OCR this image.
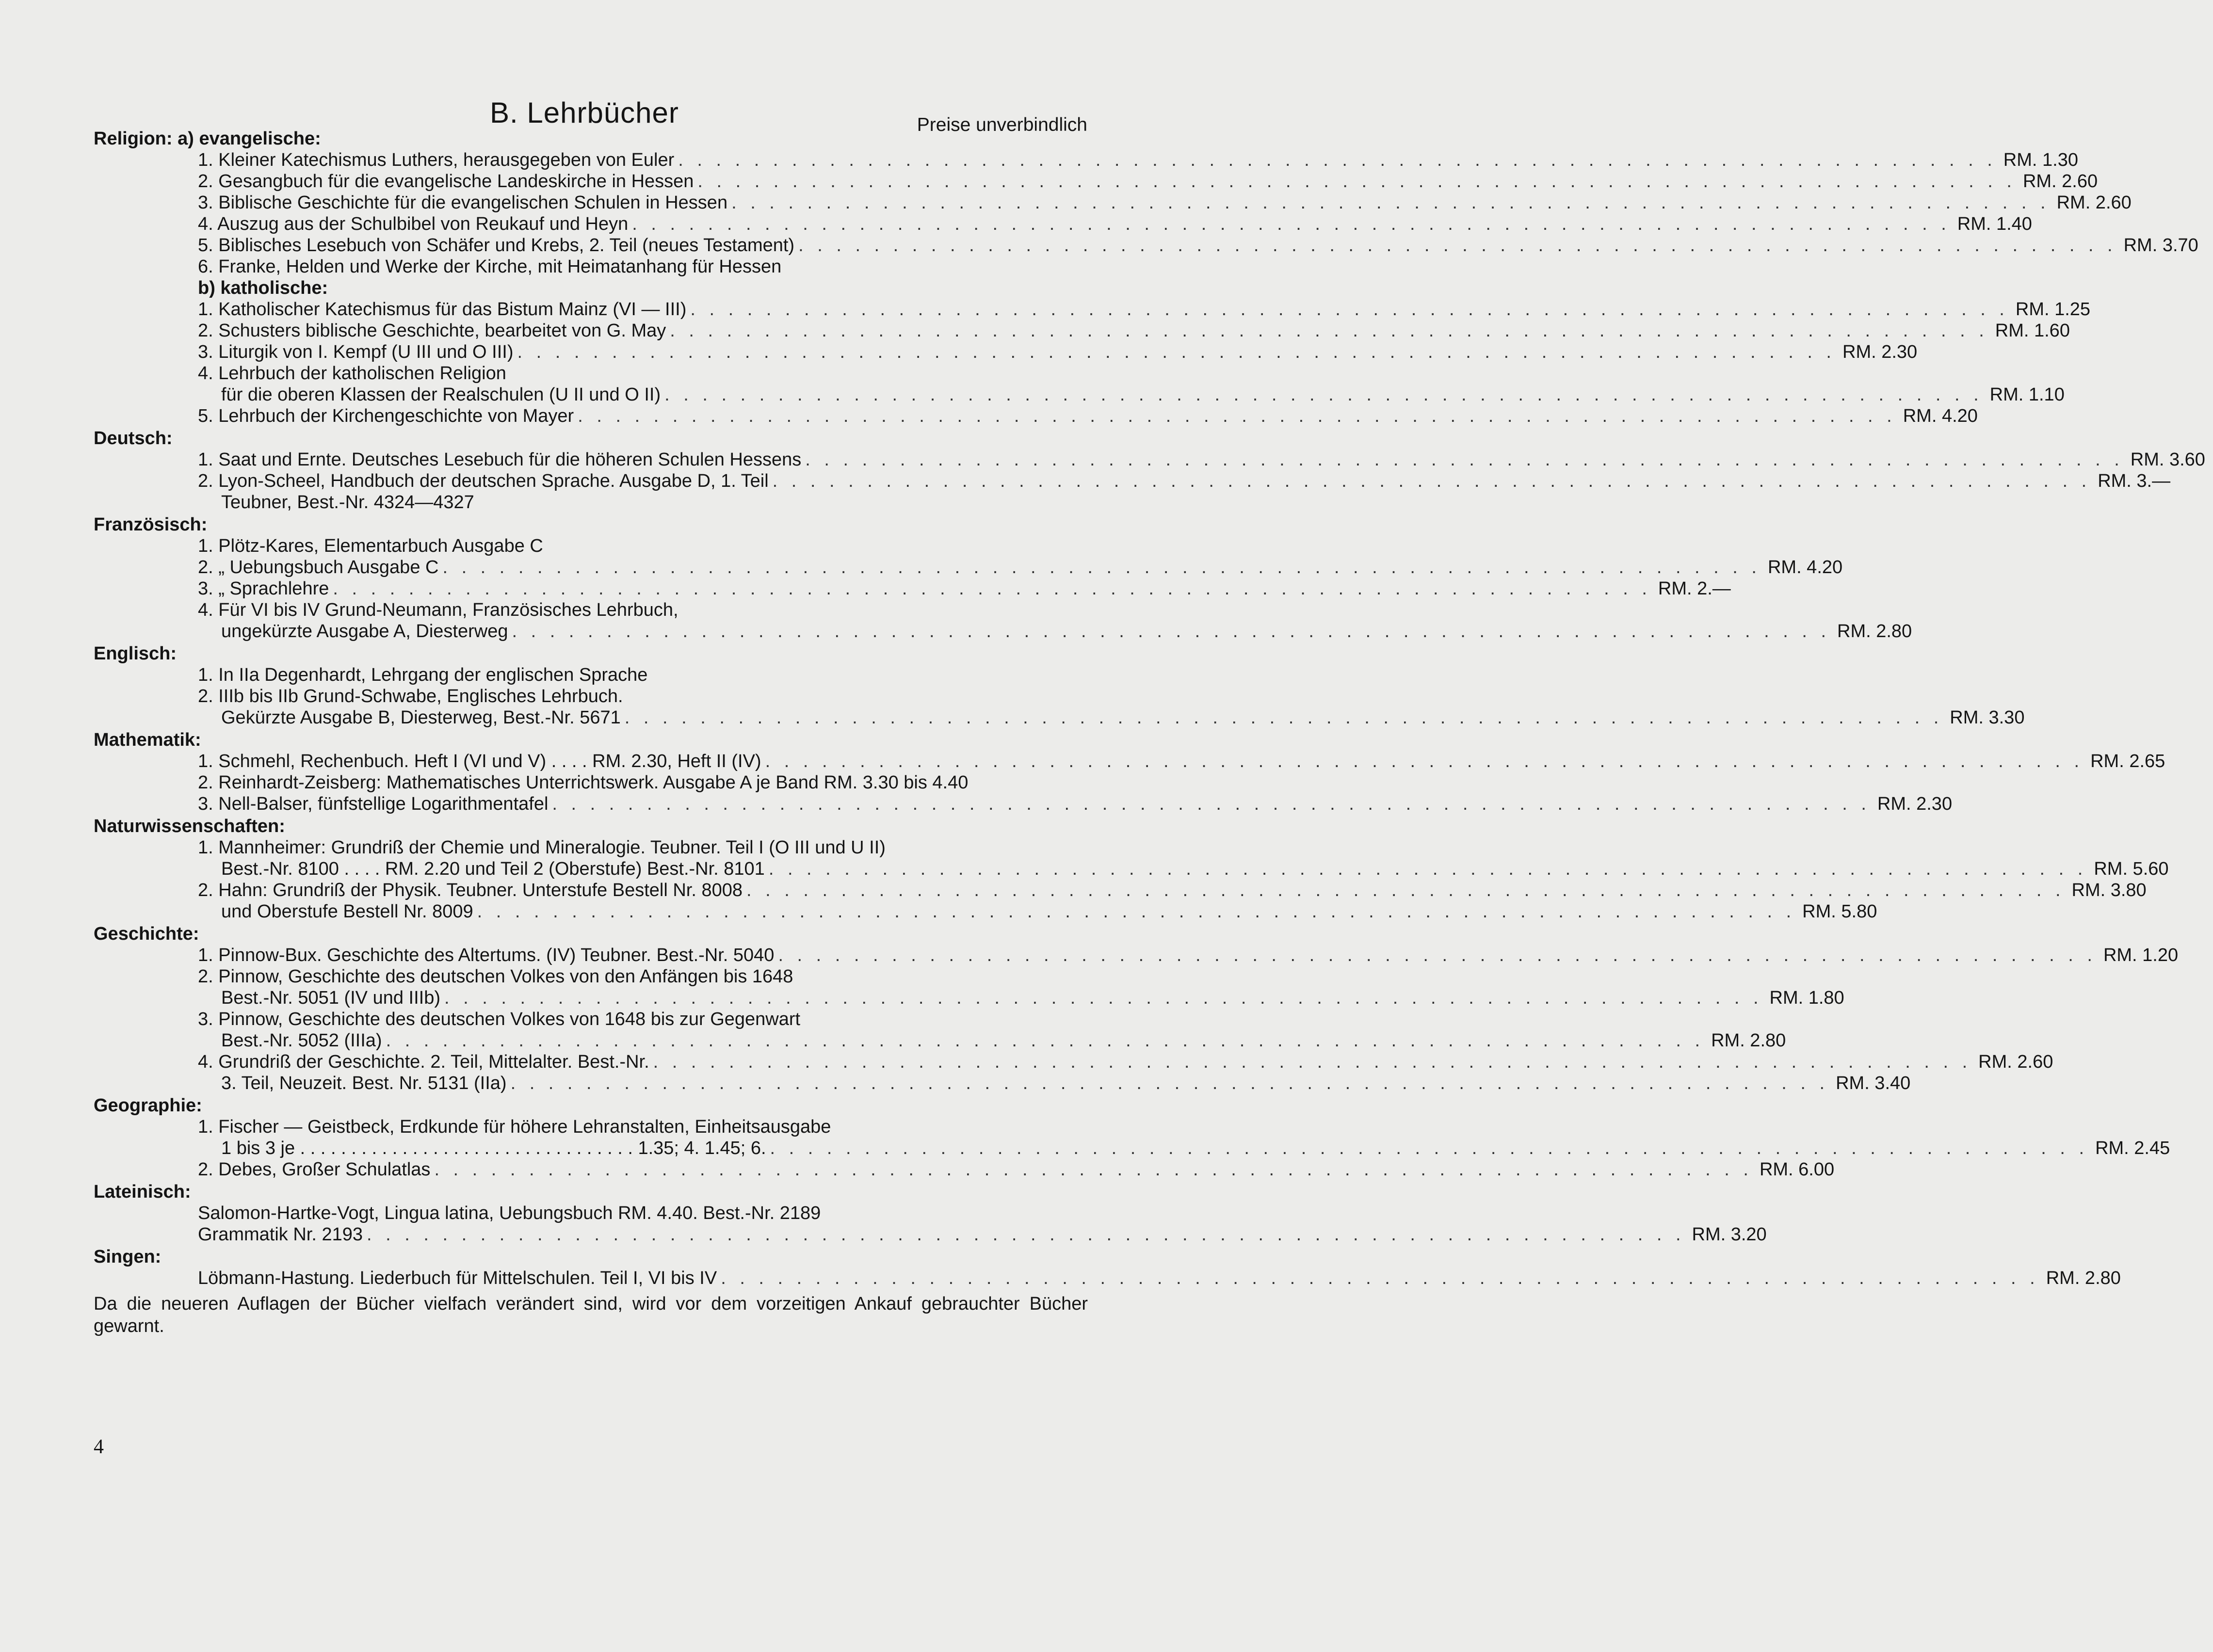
B. Lehrbücher	Preise unverbindlich
Religion: a) evangelische:
1. Kleiner Katechismus Luthers, herausgegeben von Euler . . . . . . . . . . . . . . . . . . . . . . . . . . . . . . . . . . . . . . . . . . . . . . . . . . . . . . . . . . . . . . . . . . . . . . RM. 1.30
2. Gesangbuch für die evangelische Landeskirche in Hessen . . . . . . . . . . . . . . . . . . . . . . . . . . . . . . . . . . . . . . . . . . . . . . . . . . . . . . . . . . . . . . . . . . . . . . RM. 2.60
3. Biblische Geschichte für die evangelischen Schulen in Hessen . . . . . . . . . . . . . . . . . . . . . . . . . . . . . . . . . . . . . . . . . . . . . . . . . . . . . . . . . . . . . . . . . . . . . . RM. 2.60
4. Auszug aus der Schulbibel von Reukauf und Heyn . . . . . . . . . . . . . . . . . . . . . . . . . . . . . . . . . . . . . . . . . . . . . . . . . . . . . . . . . . . . . . . . . . . . . . RM. 1.40
5. Biblisches Lesebuch von Schäfer und Krebs, 2. Teil (neues Testament) . . . . . . . . . . . . . . . . . . . . . . . . . . . . . . . . . . . . . . . . . . . . . . . . . . . . . . . . . . . . . . . . . . . . . . RM. 3.70
6. Franke, Helden und Werke der Kirche, mit Heimatanhang für Hessen
b) katholische:
1. Katholischer Katechismus für das Bistum Mainz (VI — III) . . . . . . . . . . . . . . . . . . . . . . . . . . . . . . . . . . . . . . . . . . . . . . . . . . . . . . . . . . . . . . . . . . . . . . RM. 1.25
2. Schusters biblische Geschichte, bearbeitet von G. May . . . . . . . . . . . . . . . . . . . . . . . . . . . . . . . . . . . . . . . . . . . . . . . . . . . . . . . . . . . . . . . . . . . . . . RM. 1.60
3. Liturgik von I. Kempf (U III und O III) . . . . . . . . . . . . . . . . . . . . . . . . . . . . . . . . . . . . . . . . . . . . . . . . . . . . . . . . . . . . . . . . . . . . . . RM. 2.30
4. Lehrbuch der katholischen Religion
für die oberen Klassen der Realschulen (U II und O II) . . . . . . . . . . . . . . . . . . . . . . . . . . . . . . . . . . . . . . . . . . . . . . . . . . . . . . . . . . . . . . . . . . . . . . RM. 1.10
5. Lehrbuch der Kirchengeschichte von Mayer . . . . . . . . . . . . . . . . . . . . . . . . . . . . . . . . . . . . . . . . . . . . . . . . . . . . . . . . . . . . . . . . . . . . . . RM. 4.20
Deutsch:
1. Saat und Ernte. Deutsches Lesebuch für die höheren Schulen Hessens . . . . . . . . . . . . . . . . . . . . . . . . . . . . . . . . . . . . . . . . . . . . . . . . . . . . . . . . . . . . . . . . . . . . . . RM. 3.60
2. Lyon-Scheel, Handbuch der deutschen Sprache. Ausgabe D, 1. Teil . . . . . . . . . . . . . . . . . . . . . . . . . . . . . . . . . . . . . . . . . . . . . . . . . . . . . . . . . . . . . . . . . . . . . . RM. 3.—
Teubner, Best.-Nr. 4324—4327
Französisch:
1. Plötz-Kares, Elementarbuch Ausgabe C
2. „ Uebungsbuch Ausgabe C . . . . . . . . . . . . . . . . . . . . . . . . . . . . . . . . . . . . . . . . . . . . . . . . . . . . . . . . . . . . . . . . . . . . . . RM. 4.20
3. „ Sprachlehre . . . . . . . . . . . . . . . . . . . . . . . . . . . . . . . . . . . . . . . . . . . . . . . . . . . . . . . . . . . . . . . . . . . . . . RM. 2.—
4. Für VI bis IV Grund-Neumann, Französisches Lehrbuch,
ungekürzte Ausgabe A, Diesterweg . . . . . . . . . . . . . . . . . . . . . . . . . . . . . . . . . . . . . . . . . . . . . . . . . . . . . . . . . . . . . . . . . . . . . . RM. 2.80
Englisch:
1. In IIa Degenhardt, Lehrgang der englischen Sprache
2. IIIb bis IIb Grund-Schwabe, Englisches Lehrbuch.
Gekürzte Ausgabe B, Diesterweg, Best.-Nr. 5671 . . . . . . . . . . . . . . . . . . . . . . . . . . . . . . . . . . . . . . . . . . . . . . . . . . . . . . . . . . . . . . . . . . . . . . RM. 3.30
Mathematik:
1. Schmehl, Rechenbuch. Heft I (VI und V) . . . . RM. 2.30, Heft II (IV) . . . . . . . . . . . . . . . . . . . . . . . . . . . . . . . . . . . . . . . . . . . . . . . . . . . . . . . . . . . . . . . . . . . . . . RM. 2.65
2. Reinhardt-Zeisberg: Mathematisches Unterrichtswerk. Ausgabe A je Band RM. 3.30 bis 4.40
3. Nell-Balser, fünfstellige Logarithmentafel . . . . . . . . . . . . . . . . . . . . . . . . . . . . . . . . . . . . . . . . . . . . . . . . . . . . . . . . . . . . . . . . . . . . . . RM. 2.30
Naturwissenschaften:
1. Mannheimer: Grundriß der Chemie und Mineralogie. Teubner. Teil I (O III und U II)
Best.-Nr. 8100 . . . . RM. 2.20 und Teil 2 (Oberstufe) Best.-Nr. 8101 . . . . . . . . . . . . . . . . . . . . . . . . . . . . . . . . . . . . . . . . . . . . . . . . . . . . . . . . . . . . . . . . . . . . . . RM. 5.60
2. Hahn: Grundriß der Physik. Teubner. Unterstufe Bestell Nr. 8008 . . . . . . . . . . . . . . . . . . . . . . . . . . . . . . . . . . . . . . . . . . . . . . . . . . . . . . . . . . . . . . . . . . . . . . RM. 3.80
und Oberstufe Bestell Nr. 8009 . . . . . . . . . . . . . . . . . . . . . . . . . . . . . . . . . . . . . . . . . . . . . . . . . . . . . . . . . . . . . . . . . . . . . . RM. 5.80
Geschichte:
1. Pinnow-Bux. Geschichte des Altertums. (IV) Teubner. Best.-Nr. 5040 . . . . . . . . . . . . . . . . . . . . . . . . . . . . . . . . . . . . . . . . . . . . . . . . . . . . . . . . . . . . . . . . . . . . . . RM. 1.20
2. Pinnow, Geschichte des deutschen Volkes von den Anfängen bis 1648
Best.-Nr. 5051 (IV und IIIb) . . . . . . . . . . . . . . . . . . . . . . . . . . . . . . . . . . . . . . . . . . . . . . . . . . . . . . . . . . . . . . . . . . . . . . RM. 1.80
3. Pinnow, Geschichte des deutschen Volkes von 1648 bis zur Gegenwart
Best.-Nr. 5052 (IIIa) . . . . . . . . . . . . . . . . . . . . . . . . . . . . . . . . . . . . . . . . . . . . . . . . . . . . . . . . . . . . . . . . . . . . . . RM. 2.80
4. Grundriß der Geschichte. 2. Teil, Mittelalter. Best.-Nr. . . . . . . . . . . . . . . . . . . . . . . . . . . . . . . . . . . . . . . . . . . . . . . . . . . . . . . . . . . . . . . . . . . . . . . RM. 2.60
3. Teil, Neuzeit. Best. Nr. 5131 (IIa) . . . . . . . . . . . . . . . . . . . . . . . . . . . . . . . . . . . . . . . . . . . . . . . . . . . . . . . . . . . . . . . . . . . . . . RM. 3.40
Geographie:
1. Fischer — Geistbeck, Erdkunde für höhere Lehranstalten, Einheitsausgabe
1 bis 3 je . . . . . . . . . . . . . . . . . . . . . . . . . . . . . . . . . 1.35; 4. 1.45; 6. . . . . . . . . . . . . . . . . . . . . . . . . . . . . . . . . . . . . . . . . . . . . . . . . . . . . . . . . . . . . . . . . . . . . . . RM. 2.45
2. Debes, Großer Schulatlas . . . . . . . . . . . . . . . . . . . . . . . . . . . . . . . . . . . . . . . . . . . . . . . . . . . . . . . . . . . . . . . . . . . . . . RM. 6.00
Lateinisch:
Salomon-Hartke-Vogt, Lingua latina, Uebungsbuch RM. 4.40. Best.-Nr. 2189
Grammatik Nr. 2193 . . . . . . . . . . . . . . . . . . . . . . . . . . . . . . . . . . . . . . . . . . . . . . . . . . . . . . . . . . . . . . . . . . . . . . RM. 3.20
Singen:
Löbmann-Hastung. Liederbuch für Mittelschulen. Teil I, VI bis IV . . . . . . . . . . . . . . . . . . . . . . . . . . . . . . . . . . . . . . . . . . . . . . . . . . . . . . . . . . . . . . . . . . . . . . RM. 2.80
Da die neueren Auflagen der Bücher vielfach verändert sind, wird vor dem vorzeitigen Ankauf gebrauchter Bücher gewarnt.
4
